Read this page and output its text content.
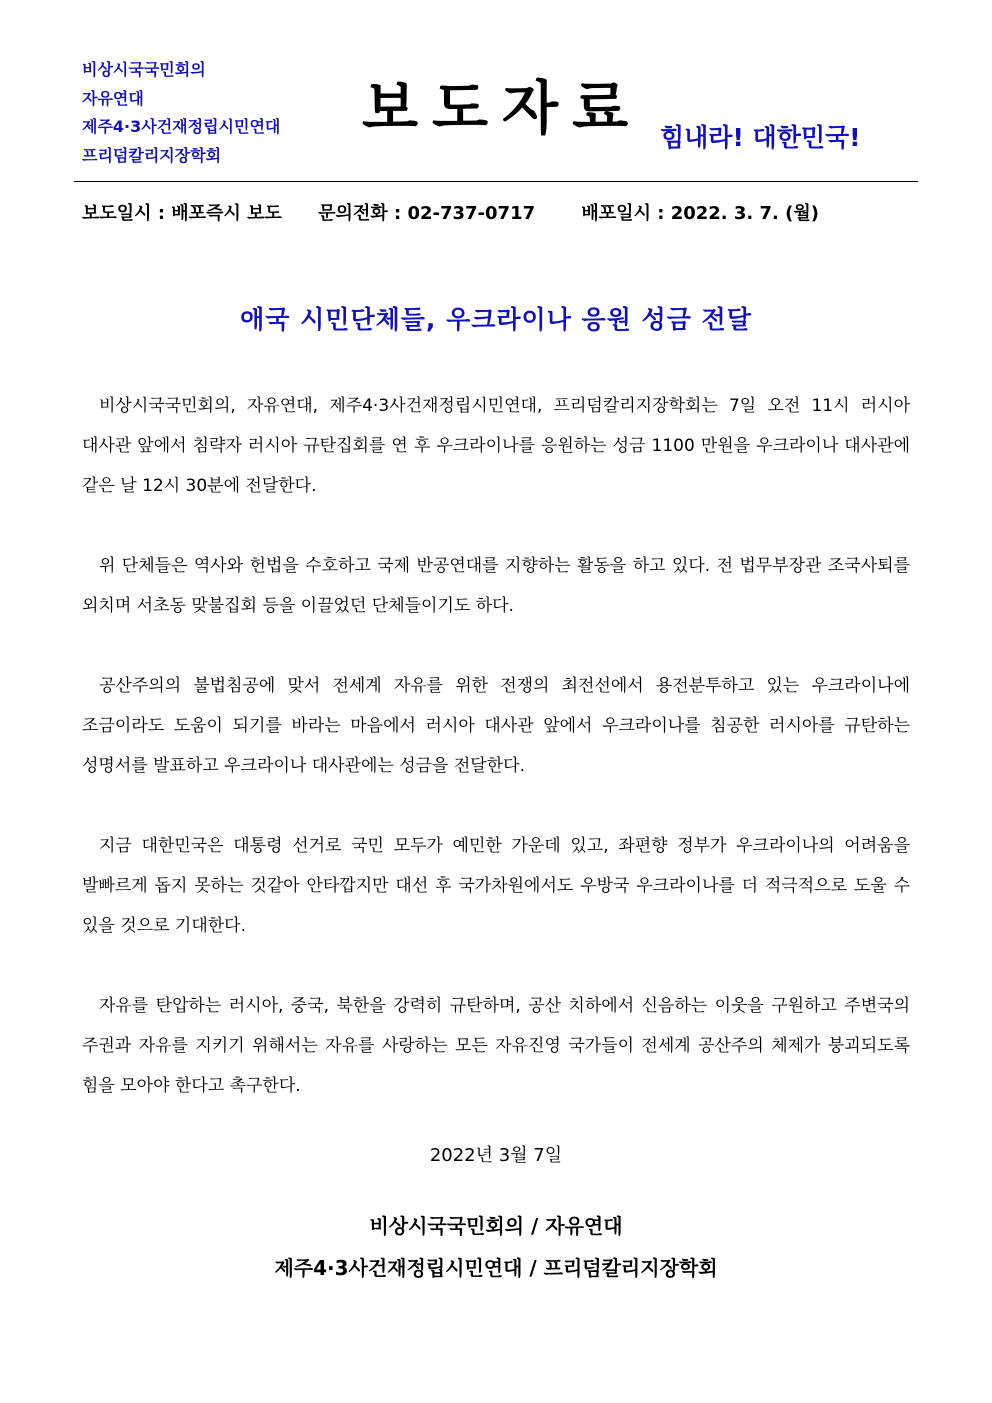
비상시국국민회의
자유연대
제주4·3사건재정립시민연대
프리덤칼리지장학회
보도자료 힘내라! 대한민국!
보도일시 : 배포즉시 보도 문의전화 : 02-737-0717	배포일시 : 2022. 3. 7. (월)
애국 시민단체들, 우크라이나 응원 성금 전달

비상시국국민회의, 자유연대, 제주4·3사건재정립시민연대, 프리덤칼리지장학회는 7일 오전 11시 러시아 대사관 앞에서 침략자 러시아 규탄집회를 연 후 우크라이나를 응원하는 성금 1100 만원을 우크라이나 대사관에 같은 날 12시 30분에 전달한다.

위 단체들은 역사와 헌법을 수호하고 국제 반공연대를 지향하는 활동을 하고 있다. 전 법무부장관 조국사퇴를 외치며 서초동 맞불집회 등을 이끌었던 단체들이기도 하다.

공산주의의 불법침공에 맞서 전세계 자유를 위한 전쟁의 최전선에서 용전분투하고 있는 우크라이나에 조금이라도 도움이 되기를 바라는 마음에서 러시아 대사관 앞에서 우크라이나를 침공한 러시아를 규탄하는 성명서를 발표하고 우크라이나 대사관에는 성금을 전달한다.

지금 대한민국은 대통령 선거로 국민 모두가 예민한 가운데 있고, 좌편향 정부가 우크라이나의 어려움을 발빠르게 돕지 못하는 것같아 안타깝지만 대선 후 국가차원에서도 우방국 우크라이나를 더 적극적으로 도울 수 있을 것으로 기대한다.

자유를 탄압하는 러시아, 중국, 북한을 강력히 규탄하며, 공산 치하에서 신음하는 이웃을 구원하고 주변국의 주권과 자유를 지키기 위해서는 자유를 사랑하는 모든 자유진영 국가들이 전세계 공산주의 체제가 붕괴되도록 힘을 모아야 한다고 촉구한다.

2022년 3월 7일
비상시국국민회의 / 자유연대
제주4·3사건재정립시민연대 / 프리덤칼리지장학회
